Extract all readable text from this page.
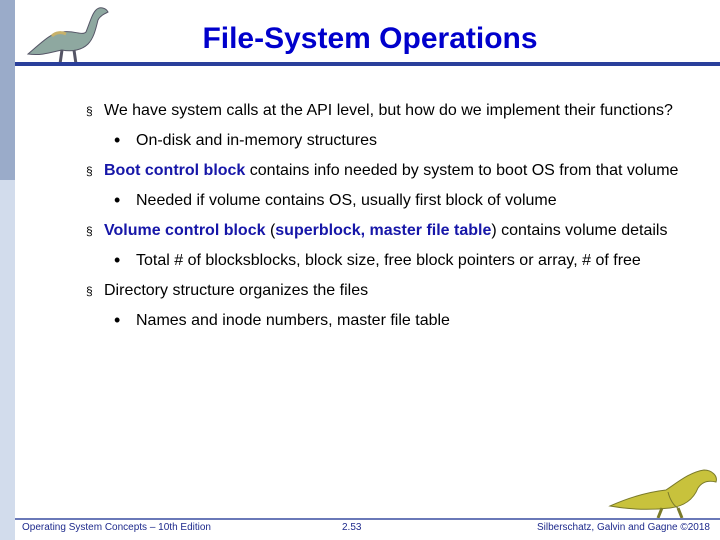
File-System Operations
§ We have system calls at the API level, but how do we implement their functions?
• On-disk and in-memory structures
§ Boot control block contains info needed by system to boot OS from that volume
• Needed if volume contains OS, usually first block of volume
§ Volume control block (superblock, master file table) contains volume details
• Total # of blocksblocks, block size, free block pointers or array, # of free
§ Directory structure organizes the files
• Names and inode numbers, master file table
Operating System Concepts – 10th Edition	2.53	Silberschatz, Galvin and Gagne ©2018
